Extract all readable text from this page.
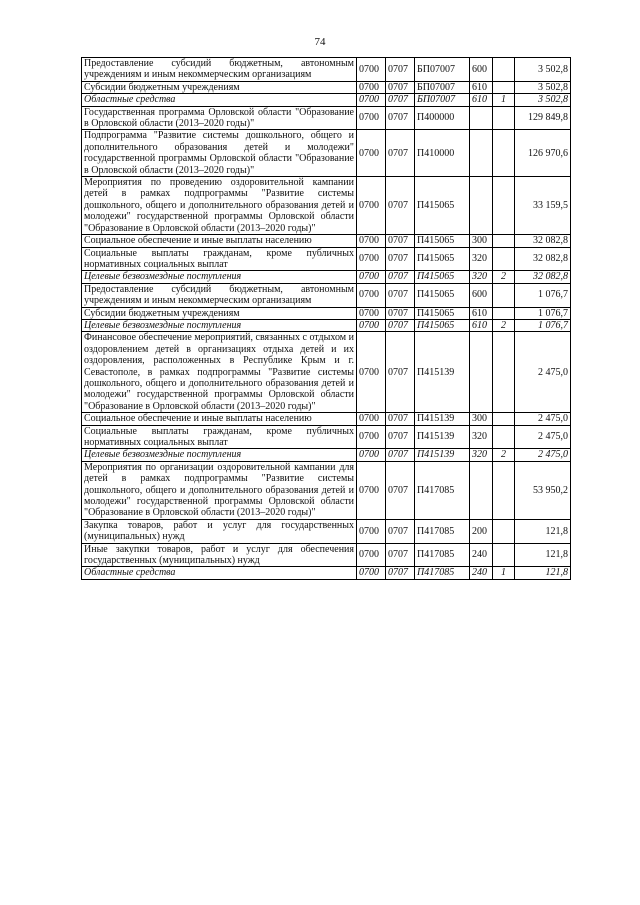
74
Предоставление субсидий бюджетным, автономным учреждениям и иным некоммерческим организациям	0700	0707	БП07007	600		3 502,8
Субсидии бюджетным учреждениям	0700	0707	БП07007	610		3 502,8
Областные средства	0700	0707	БП07007	610	1	3 502,8
Государственная программа Орловской области "Образование в Орловской области (2013–2020 годы)"	0700	0707	П400000			129 849,8
Подпрограмма "Развитие системы дошкольного, общего и дополнительного образования детей и молодежи" государственной программы Орловской области "Образование в Орловской области (2013–2020 годы)"	0700	0707	П410000			126 970,6
Мероприятия по проведению оздоровительной кампании детей в рамках подпрограммы "Развитие системы дошкольного, общего и дополнительного образования детей и молодежи" государственной программы Орловской области "Образование в Орловской области (2013–2020 годы)"	0700	0707	П415065			33 159,5
Социальное обеспечение и иные выплаты населению	0700	0707	П415065	300		32 082,8
Социальные выплаты гражданам, кроме публичных нормативных социальных выплат	0700	0707	П415065	320		32 082,8
Целевые безвозмездные поступления	0700	0707	П415065	320	2	32 082,8
Предоставление субсидий бюджетным, автономным учреждениям и иным некоммерческим организациям	0700	0707	П415065	600		1 076,7
Субсидии бюджетным учреждениям	0700	0707	П415065	610		1 076,7
Целевые безвозмездные поступления	0700	0707	П415065	610	2	1 076,7
Финансовое обеспечение мероприятий, связанных с отдыхом и оздоровлением детей в организациях отдыха детей и их оздоровления, расположенных в Республике Крым и г. Севастополе, в рамках подпрограммы "Развитие системы дошкольного, общего и дополнительного образования детей и молодежи" государственной программы Орловской области "Образование в Орловской области (2013–2020 годы)"	0700	0707	П415139			2 475,0
Социальное обеспечение и иные выплаты населению	0700	0707	П415139	300		2 475,0
Социальные выплаты гражданам, кроме публичных нормативных социальных выплат	0700	0707	П415139	320		2 475,0
Целевые безвозмездные поступления	0700	0707	П415139	320	2	2 475,0
Мероприятия по организации оздоровительной кампании для детей в рамках подпрограммы "Развитие системы дошкольного, общего и дополнительного образования детей и молодежи" государственной программы Орловской области "Образование в Орловской области (2013–2020 годы)"	0700	0707	П417085			53 950,2
Закупка товаров, работ и услуг для государственных (муниципальных) нужд	0700	0707	П417085	200		121,8
Иные закупки товаров, работ и услуг для обеспечения государственных (муниципальных) нужд	0700	0707	П417085	240		121,8
Областные средства	0700	0707	П417085	240	1	121,8
